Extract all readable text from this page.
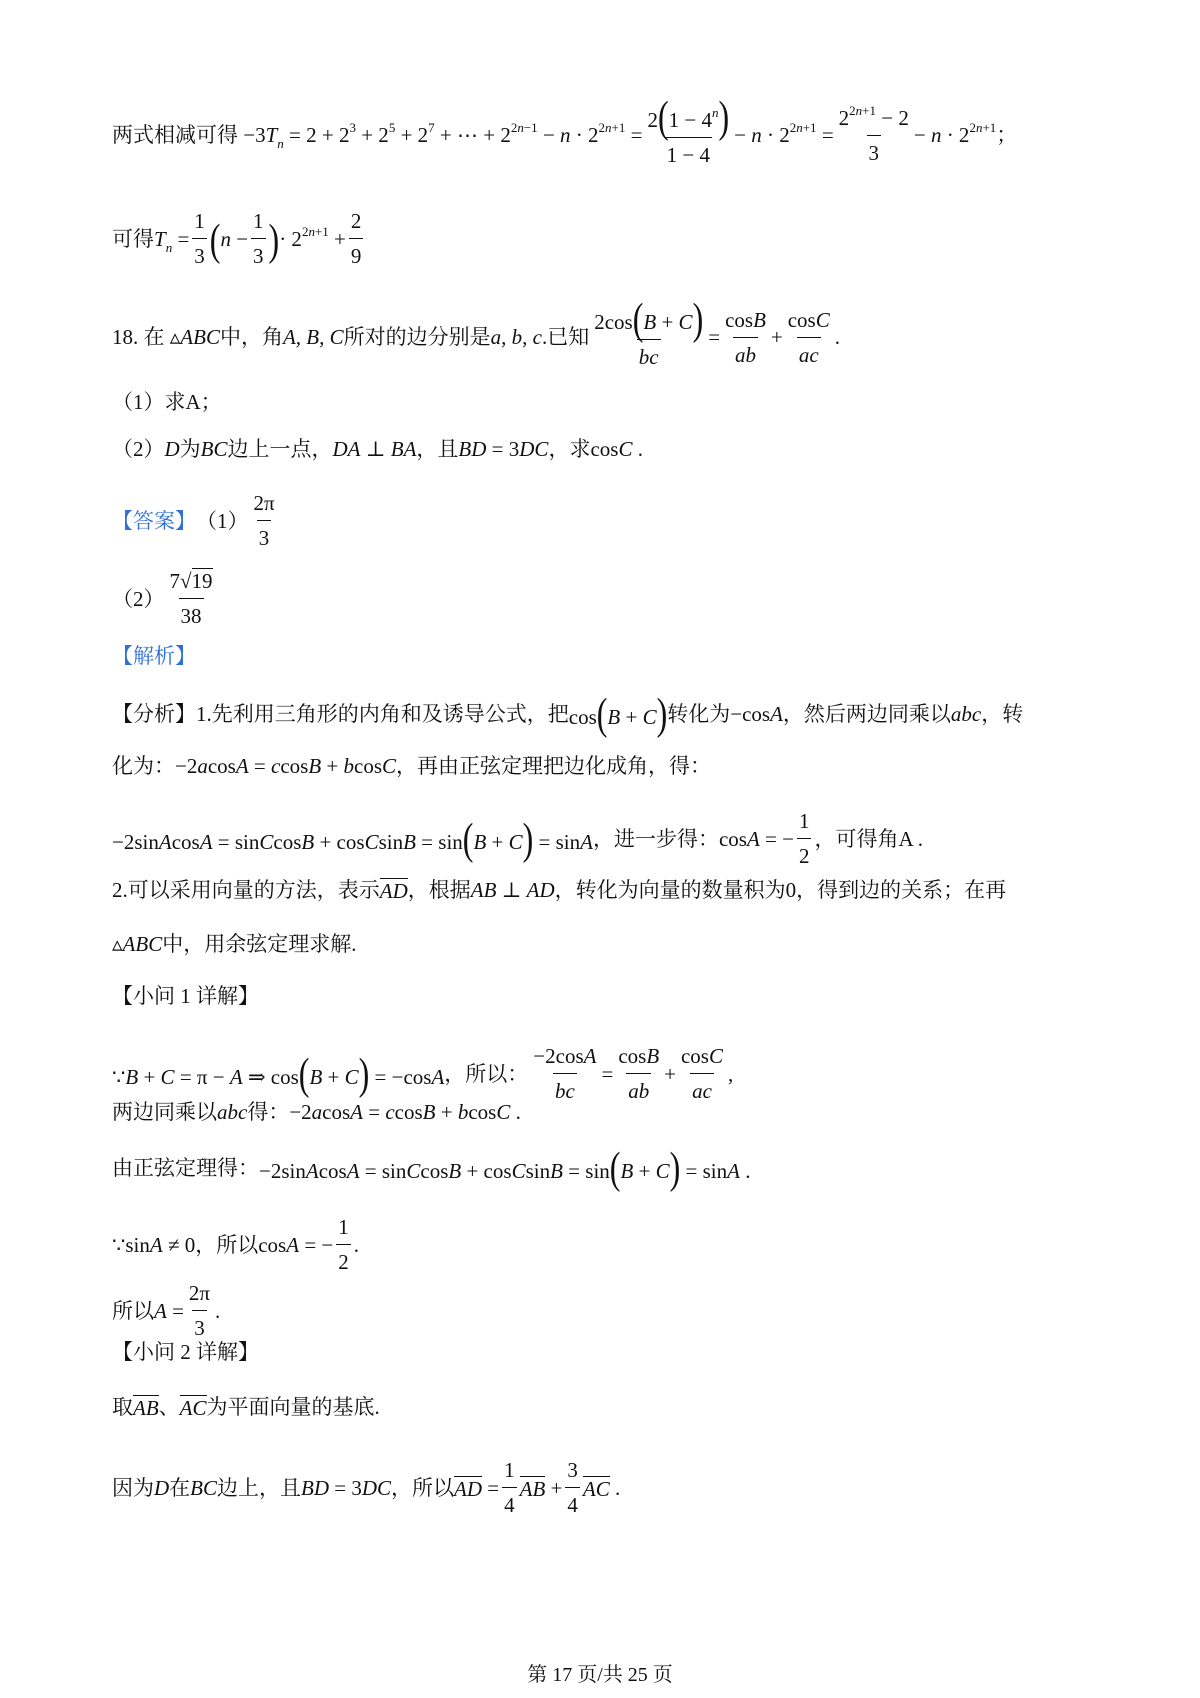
两式相减可得 $-3T_n = 2 + 2^3 + 2^5 + 2^7$ + ⋯ + $2^{2n-1} - n \cdot 2^{2n+1} = \frac{2(1 - 4^n)}{1 - 4} - n \cdot 2^{2n+1} = \frac{2^{2n+1} - 2}{3} - n \cdot 2^{2n+1}$；
可得 $T_n = \frac{1}{3}$ ( $n - \frac{1}{3}$ ) · $2^{2n+1} + \frac{2}{9}$
18. 在 ▵ABC 中，角 A, B, C 所对的边分别是 a, b, c .已知 $\frac{2\cos(B + C)}{bc} = \frac{\cos B}{ab} + \frac{\cos C}{ac}$ .
（1）求A；
（2） D 为 BC 边上一点， DA ⊥ BA ，且 BD = 3DC ，求 cosC .
【答案】 $(1) \frac{2\pi}{3}$
$(2) \frac{7√19}{38}$
【解析】
【分析】1.先利用三角形的内角和及诱导公式，把 cos(B + C) 转化为 −cosA ，然后两边同乘以 abc ，转
化为： −2acosA = ccosB + bcosC ，再由正弦定理把边化成角，得：
−2sinAcosA = sinCcosB + cosCsinB = sin(B + C) = sinA ，进一步得： cosA = − $\frac{1}{2}$ ，可得角A .
2.可以采用向量的方法，表示 AD ，根据 AB ⊥ AD ，转化为向量的数量积为0，得到边的关系；在再
▵ABC 中，用余弦定理求解.
【小问 1 详解】
∵B + C = π − A ⇒ cos(B + C) = −cosA ，所以： $\frac{-2\cos A}{bc} = \frac{\cos B}{ab} + \frac{\cos C}{ac}$ ,
两边同乘以 abc 得： −2acosA = ccosB + bcosC .
由正弦定理得： −2sinAcosA = sinCcosB + cosCsinB = sin(B + C) = sinA .
∵sinA ≠ 0 ，所以 cosA = − $\frac{1}{2}$ .
所以 $A = \frac{2\pi}{3}$ .
【小问 2 详解】
取 AB 、 AC 为平面向量的基底.
因为 D 在 BC 边上，且 BD = 3DC ，所以 AD = $\frac{1}{4}$ AB + $\frac{3}{4}$ AC .
第 17 页/共 25 页
